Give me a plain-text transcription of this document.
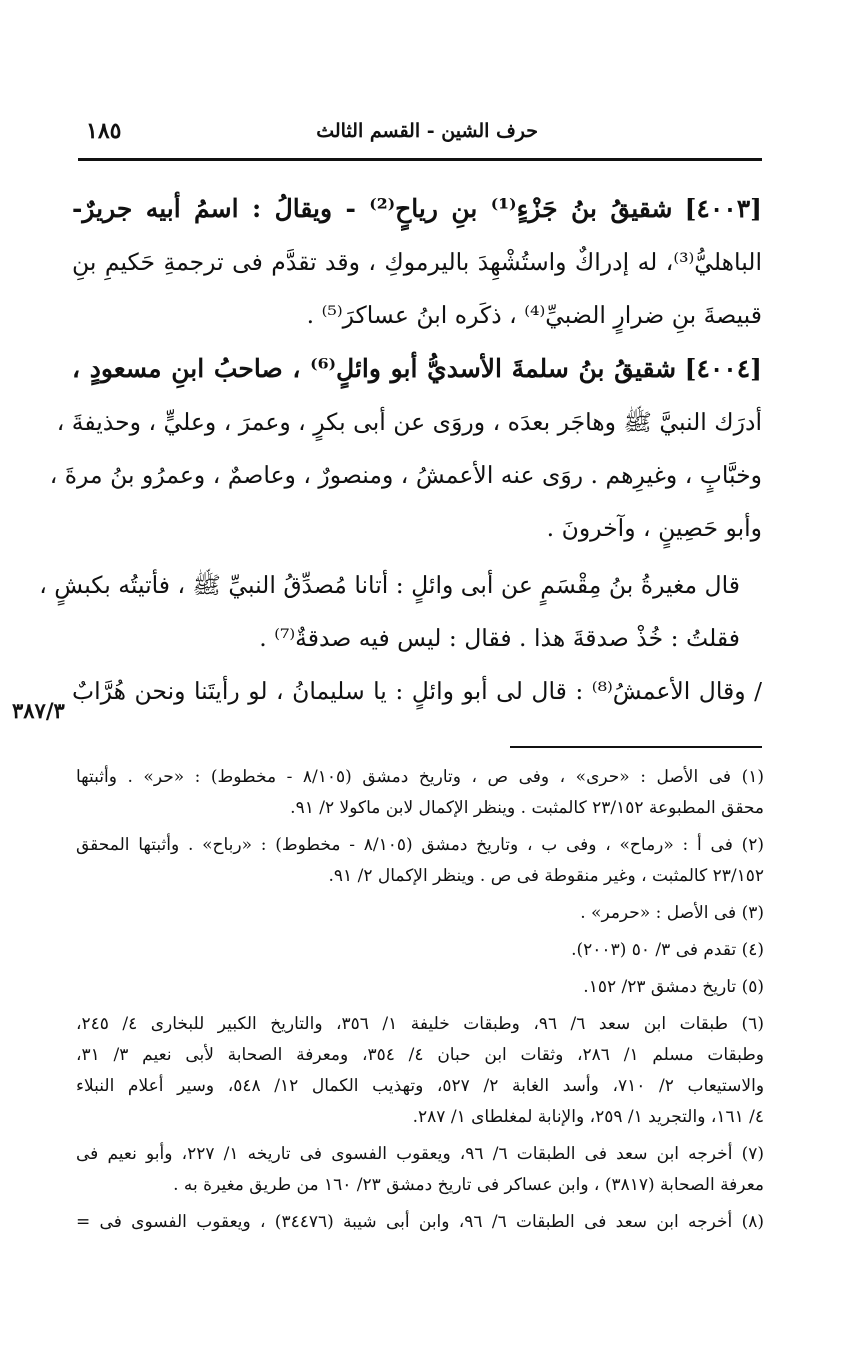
حرف الشين - القسم الثالث
١٨٥
[٤٠٠٣] شقيقُ بنُ جَزْءٍ⁽¹⁾ بنِ رياحٍ⁽²⁾ - ويقالُ : اسمُ أبيه جريرٌ-
الباهليُّ⁽³⁾، له إدراكٌ واستُشْهِدَ باليرموكِ ، وقد تقدَّم فى ترجمةِ حَكيمِ بنِ
قبيصةَ بنِ ضرارٍ الضبيِّ⁽⁴⁾ ، ذكَره ابنُ عساكرَ⁽⁵⁾ .
[٤٠٠٤] شقيقُ بنُ سلمةَ الأسديُّ أبو وائلٍ⁽⁶⁾ ، صاحبُ ابنِ مسعودٍ ،
أدرَك النبيَّ ﷺ وهاجَر بعدَه ، وروَى عن أبى بكرٍ ، وعمرَ ، وعليٍّ ، وحذيفةَ ،
وخبَّابٍ ، وغيرِهم . روَى عنه الأعمشُ ، ومنصورٌ ، وعاصمٌ ، وعمرُو بنُ مرةَ ،
وأبو حَصِينٍ ، وآخرونَ .
قال مغيرةُ بنُ مِقْسَمٍ عن أبى وائلٍ : أتانا مُصدِّقُ النبيِّ ﷺ ، فأتيتُه بكبشٍ ،
فقلتُ : خُذْ صدقةَ هذا . فقال : ليس فيه صدقةٌ⁽⁷⁾ .
/ وقال الأعمشُ⁽⁸⁾ : قال لى أبو وائلٍ : يا سليمانُ ، لو رأيتَنا ونحن هُرَّابٌ
٣٨٧/٣
(١) فى الأصل : «حرى» ، وفى ص ، وتاريخ دمشق (٨/١٠٥ - مخطوط) : «حر» . وأثبتها
محقق المطبوعة ٢٣/١٥٢ كالمثبت . وينظر الإكمال لابن ماكولا ٢/ ٩١.
(٢) فى أ : «رماح» ، وفى ب ، وتاريخ دمشق (٨/١٠٥ - مخطوط) : «رباح» . وأثبتها المحقق
٢٣/١٥٢ كالمثبت ، وغير منقوطة فى ص . وينظر الإكمال ٢/ ٩١.
(٣) فى الأصل : «حرمر» .
(٤) تقدم فى ٣/ ٥٠ (٢٠٠٣).
(٥) تاريخ دمشق ٢٣/ ١٥٢.
(٦) طبقات ابن سعد ٦/ ٩٦، وطبقات خليفة ١/ ٣٥٦، والتاريخ الكبير للبخارى ٤/ ٢٤٥،
وطبقات مسلم ١/ ٢٨٦، وثقات ابن حبان ٤/ ٣٥٤، ومعرفة الصحابة لأبى نعيم ٣/ ٣١،
والاستيعاب ٢/ ٧١٠، وأسد الغابة ٢/ ٥٢٧، وتهذيب الكمال ١٢/ ٥٤٨، وسير أعلام النبلاء
٤/ ١٦١، والتجريد ١/ ٢٥٩، والإنابة لمغلطاى ١/ ٢٨٧.
(٧) أخرجه ابن سعد فى الطبقات ٦/ ٩٦، ويعقوب الفسوى فى تاريخه ١/ ٢٢٧، وأبو نعيم فى
معرفة الصحابة (٣٨١٧) ، وابن عساكر فى تاريخ دمشق ٢٣/ ١٦٠ من طريق مغيرة به .
(٨) أخرجه ابن سعد فى الطبقات ٦/ ٩٦، وابن أبى شيبة (٣٤٤٧٦) ، ويعقوب الفسوى فى =
